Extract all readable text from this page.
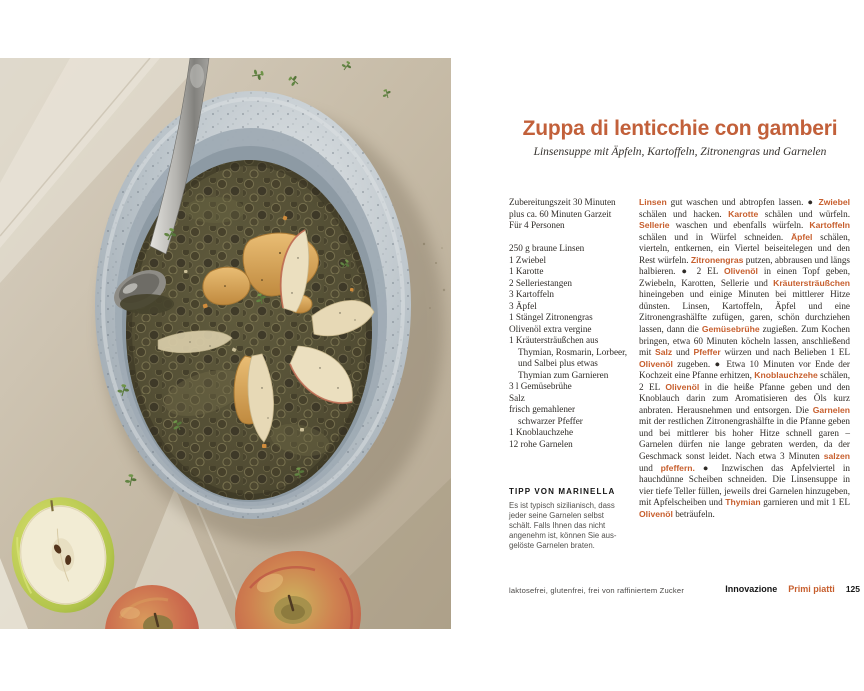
Zuppa di lenticchie con gamberi
Linsensuppe mit Äpfeln, Kartoffeln, Zitronengras und Garnelen
Zubereitungszeit 30 Minuten
plus ca. 60 Minuten Garzeit
Für 4 Personen
250 g braune Linsen
1 Zwiebel
1 Karotte
2 Selleriestangen
3 Kartoffeln
3 Äpfel
1 Stängel Zitronengras
Olivenöl extra vergine
1 Kräutersträußchen aus
Thymian, Rosmarin, Lorbeer,
und Salbei plus etwas
Thymian zum Garnieren
3 l Gemüsebrühe
Salz
frisch gemahlener
schwarzer Pfeffer
1 Knoblauchzehe
12 rohe Garnelen
TIPP VON MARINELLA
Es ist typisch sizilianisch, dass
jeder seine Garnelen selbst
schält. Falls Ihnen das nicht
angenehm ist, können Sie aus-
gelöste Garnelen braten.
Linsen gut waschen und abtropfen lassen. ● Zwiebel schälen und hacken. Karotte schälen und würfeln. Sellerie waschen und ebenfalls würfeln. Kartoffeln schälen und in Würfel schneiden. Äpfel schälen, vierteln, entkernen, ein Viertel beiseitelegen und den Rest würfeln. Zitronengras putzen, abbrausen und längs halbieren. ● 2 EL Olivenöl in einen Topf geben, Zwiebeln, Karotten, Sellerie und Kräutersträußchen hineingeben und einige Minuten bei mittlerer Hitze dünsten. Linsen, Kartoffeln, Äpfel und eine Zitronengrashälfte zufügen, garen, schön durchziehen lassen, dann die Gemüsebrühe zugießen. Zum Kochen bringen, etwa 60 Minuten köcheln lassen, anschließend mit Salz und Pfeffer würzen und nach Belieben 1 EL Olivenöl zugeben. ● Etwa 10 Minuten vor Ende der Kochzeit eine Pfanne erhitzen, Knoblauchzehe schälen, 2 EL Olivenöl in die heiße Pfanne geben und den Knoblauch darin zum Aromatisieren des Öls kurz anbraten. Herausnehmen und entsorgen. Die Garnelen mit der restlichen Zitronengrashälfte in die Pfanne geben und bei mittlerer bis hoher Hitze schnell garen – Garnelen dürfen nie lange gebraten werden, da der Geschmack sonst leidet. Nach etwa 3 Minuten salzen und pfeffern. ● Inzwischen das Apfelviertel in hauchdünne Scheiben schneiden. Die Linsensuppe in vier tiefe Teller füllen, jeweils drei Garnelen hinzugeben, mit Apfelscheiben und Thymian garnieren und mit 1 EL Olivenöl beträufeln.
laktosefrei, glutenfrei, frei von raffiniertem Zucker	Innovazione Primi piatti 125
